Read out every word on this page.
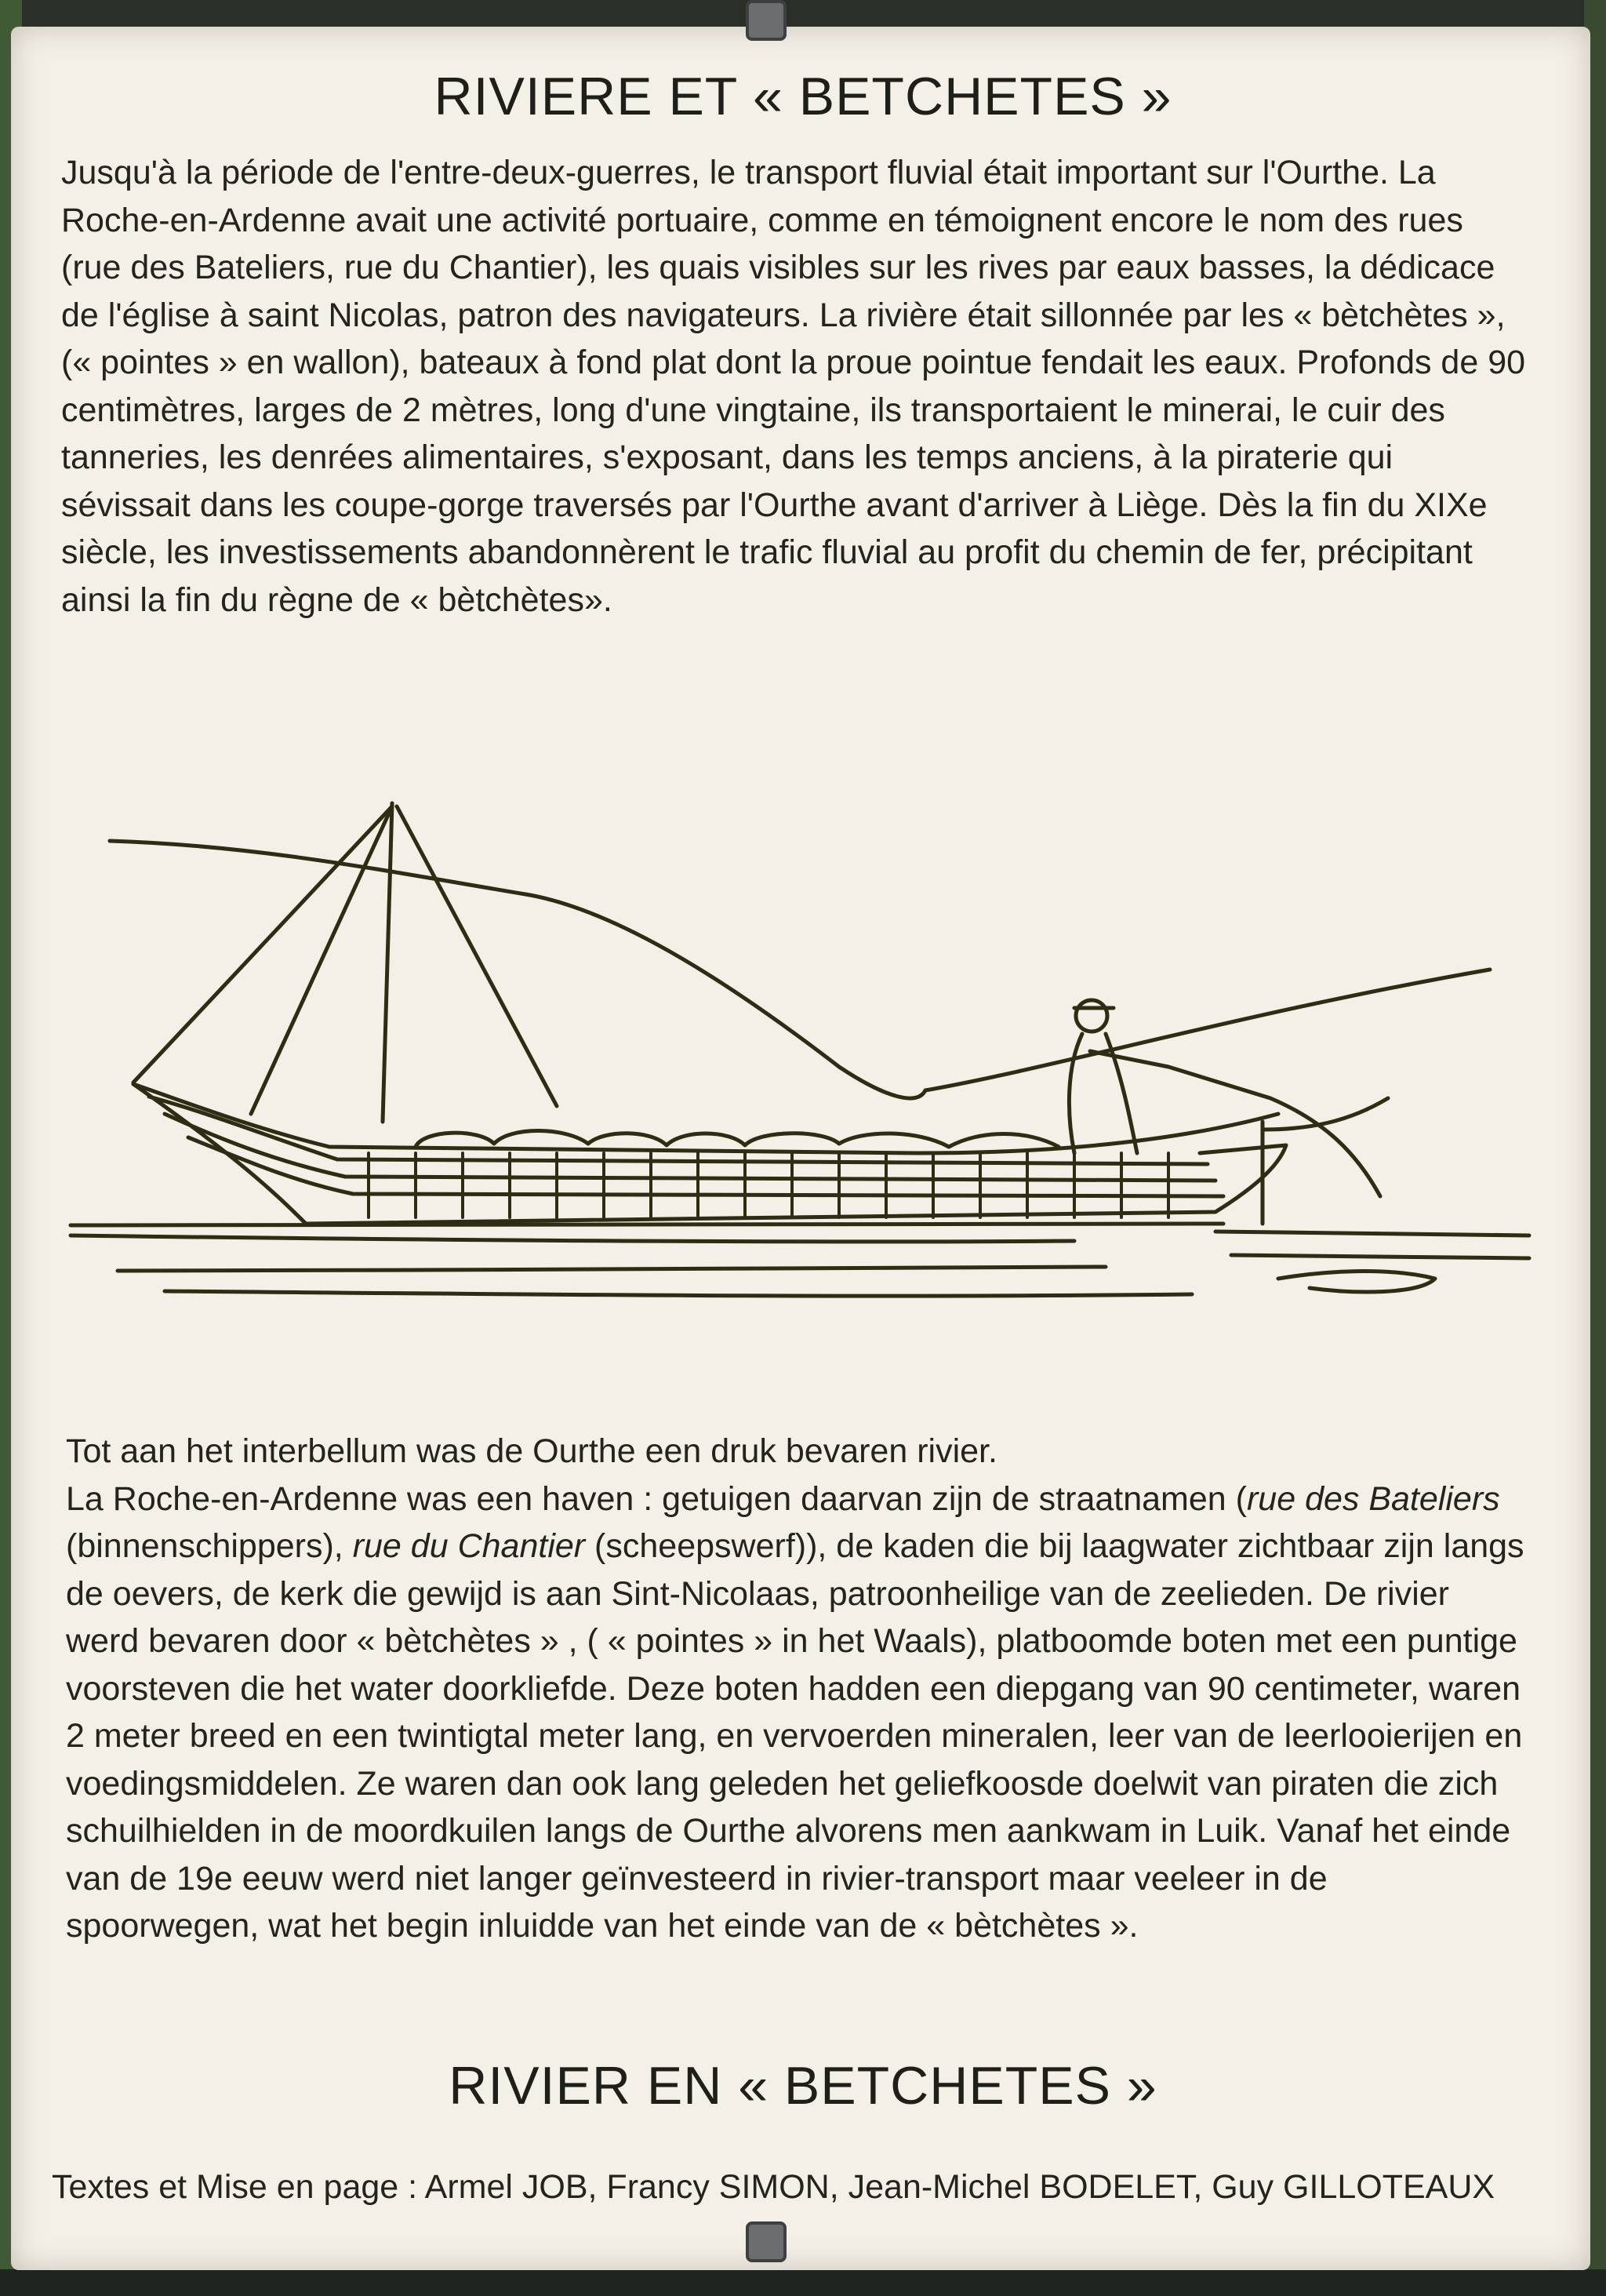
RIVIERE ET « BETCHETES »

Jusqu'à la période de l'entre-deux-guerres, le transport fluvial était important sur l'Ourthe. La Roche-en-Ardenne avait une activité portuaire, comme en témoignent encore le nom des rues (rue des Bateliers, rue du Chantier), les quais visibles sur les rives par eaux basses, la dédicace de l'église à saint Nicolas, patron des navigateurs. La rivière était sillonnée par les « bètchètes », (« pointes » en wallon), bateaux à fond plat dont la proue pointue fendait les eaux. Profonds de 90 centimètres, larges de 2 mètres, long d'une vingtaine, ils transportaient le minerai, le cuir des tanneries, les denrées alimentaires, s'exposant, dans les temps anciens, à la piraterie qui sévissait dans les coupe-gorge traversés par l'Ourthe avant d'arriver à Liège. Dès la fin du XIXe siècle, les investissements abandonnèrent le trafic fluvial au profit du chemin de fer, précipitant ainsi la fin du règne de « bètchètes».

Tot aan het interbellum was de Ourthe een druk bevaren rivier.
La Roche-en-Ardenne was een haven : getuigen daarvan zijn de straatnamen (rue des Bateliers (binnenschippers), rue du Chantier (scheepswerf)), de kaden die bij laagwater zichtbaar zijn langs de oevers, de kerk die gewijd is aan Sint-Nicolaas, patroonheilige van de zeelieden. De rivier werd bevaren door « bètchètes » , ( « pointes » in het Waals), platboomde boten met een puntige voorsteven die het water doorkliefde. Deze boten hadden een diepgang van 90 centimeter, waren 2 meter breed en een twintigtal meter lang, en vervoerden mineralen, leer van de leerlooierijen en voedingsmiddelen. Ze waren dan ook lang geleden het geliefkoosde doelwit van piraten die zich schuilhielden in de moordkuilen langs de Ourthe alvorens men aankwam in Luik. Vanaf het einde van de 19e eeuw werd niet langer geïnvesteerd in rivier-transport maar veeleer in de spoorwegen, wat het begin inluidde van het einde van de « bètchètes ».
RIVIER EN « BETCHETES »
Textes et Mise en page : Armel JOB, Francy SIMON, Jean-Michel BODELET, Guy GILLOTEAUX
